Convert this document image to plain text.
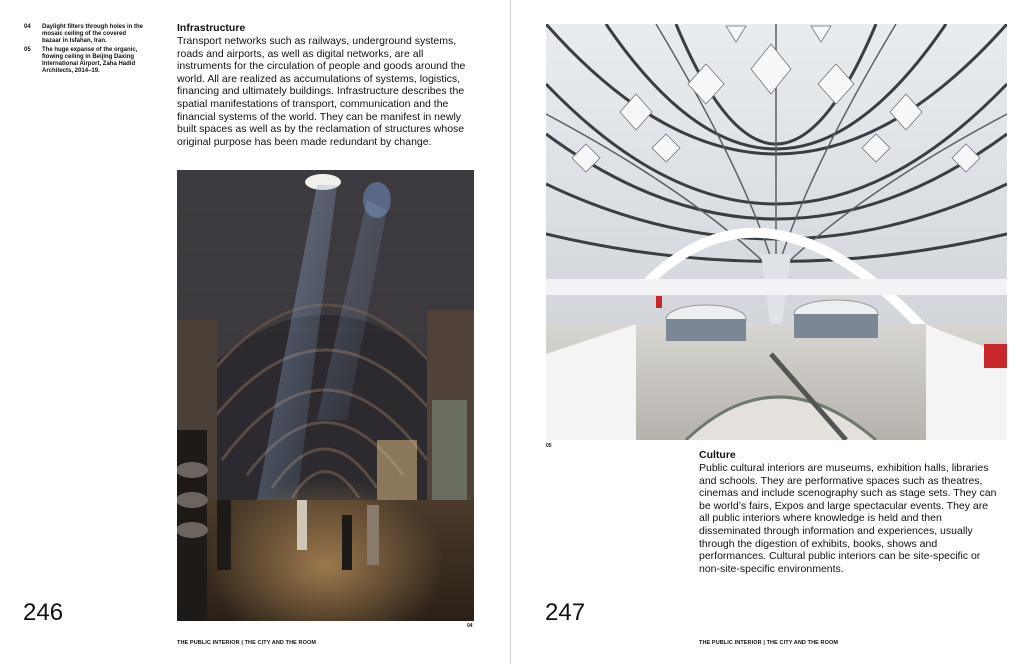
04	Daylight filters through holes in the mosaic ceiling of the covered bazaar in Isfahan, Iran.
05	The huge expanse of the organic, flowing ceiling in Beijing Daxing International Airport, Zaha Hadid Architects, 2014–19.
Infrastructure
Transport networks such as railways, underground systems, roads and airports, as well as digital networks, are all instruments for the circulation of people and goods around the world. All are realized as accumulations of systems, logistics, financing and ultimately buildings. Infrastructure describes the spatial manifestations of transport, communication and the financial systems of the world. They can be manifest in newly built spaces as well as by the reclamation of structures whose original purpose has been made redundant by change.
04
246
THE PUBLIC INTERIOR | THE CITY AND THE ROOM
05
Culture
Public cultural interiors are museums, exhibition halls, libraries and schools. They are performative spaces such as theatres, cinemas and include scenography such as stage sets. They can be world’s fairs, Expos and large spectacular events. They are all public interiors where knowledge is held and then disseminated through information and experiences, usually through the digestion of exhibits, books, shows and performances. Cultural public interiors can be site-specific or non-site-specific environments.
247
THE PUBLIC INTERIOR | THE CITY AND THE ROOM
